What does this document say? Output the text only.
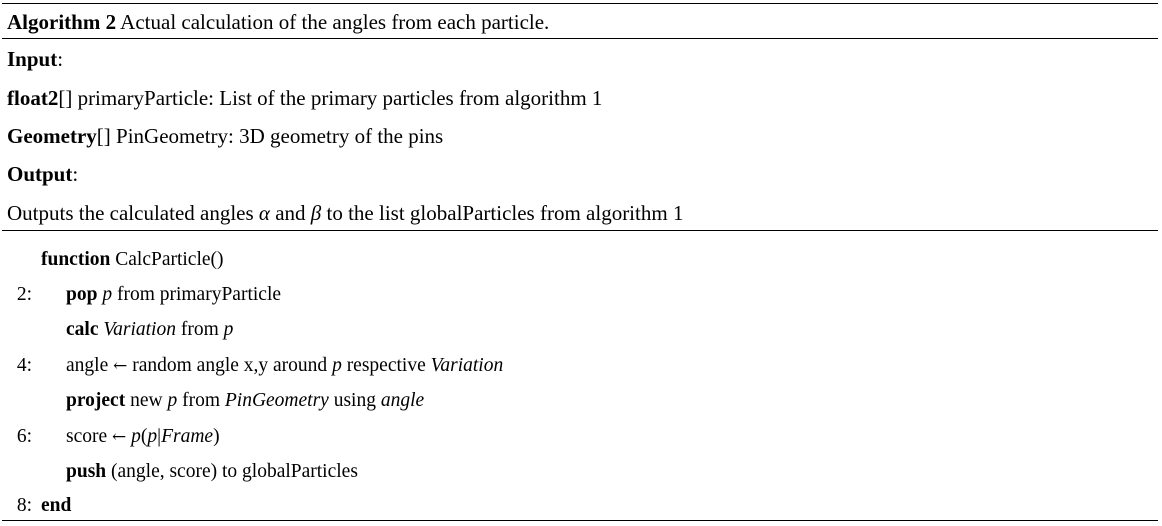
Algorithm 2 Actual calculation of the angles from each particle.
Input:
float2[] primaryParticle: List of the primary particles from algorithm 1
Geometry[] PinGeometry: 3D geometry of the pins
Output:
Outputs the calculated angles α and β to the list globalParticles from algorithm 1
function CalcParticle()
2: pop p from primaryParticle
calc Variation from p
4: angle ← random angle x,y around p respective Variation
project new p from PinGeometry using angle
6: score ← p(p|Frame)
push (angle, score) to globalParticles
8: end
